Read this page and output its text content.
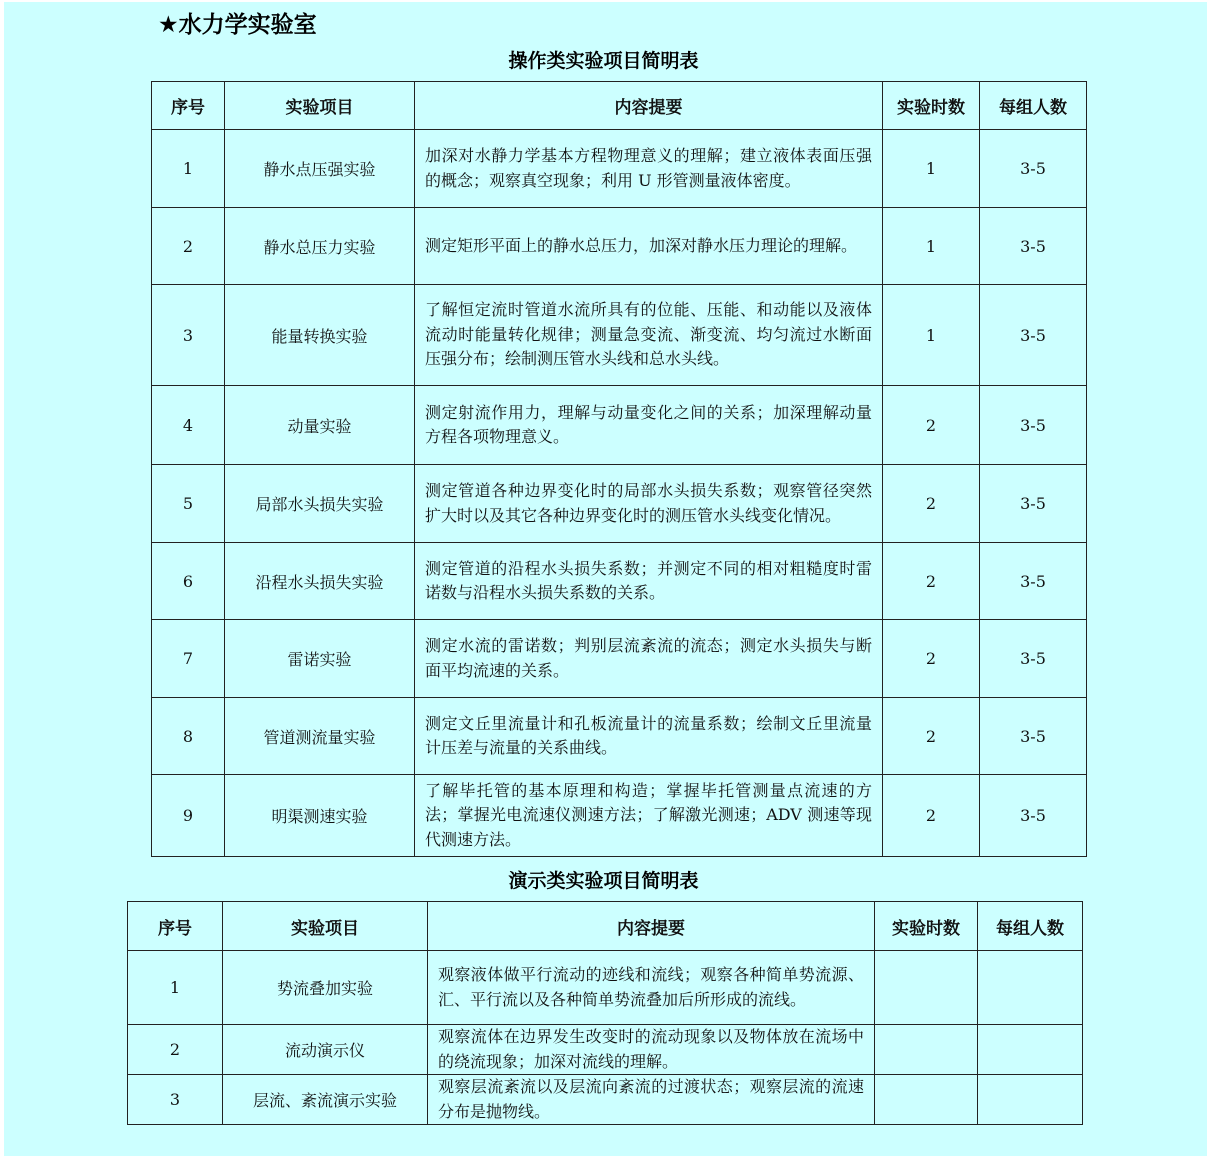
★水力学实验室
操作类实验项目简明表
序号	实验项目	内容提要	实验时数	每组人数
1	静水点压强实验	加深对水静力学基本方程物理意义的理解；建立液体表面压强的概念；观察真空现象；利用 U 形管测量液体密度。	1	3-5
2	静水总压力实验	测定矩形平面上的静水总压力，加深对静水压力理论的理解。	1	3-5
3	能量转换实验	了解恒定流时管道水流所具有的位能、压能、和动能以及液体流动时能量转化规律；测量急变流、渐变流、均匀流过水断面压强分布；绘制测压管水头线和总水头线。	1	3-5
4	动量实验	测定射流作用力，理解与动量变化之间的关系；加深理解动量方程各项物理意义。	2	3-5
5	局部水头损失实验	测定管道各种边界变化时的局部水头损失系数；观察管径突然扩大时以及其它各种边界变化时的测压管水头线变化情况。	2	3-5
6	沿程水头损失实验	测定管道的沿程水头损失系数；并测定不同的相对粗糙度时雷诺数与沿程水头损失系数的关系。	2	3-5
7	雷诺实验	测定水流的雷诺数；判别层流紊流的流态；测定水头损失与断面平均流速的关系。	2	3-5
8	管道测流量实验	测定文丘里流量计和孔板流量计的流量系数；绘制文丘里流量计压差与流量的关系曲线。	2	3-5
9	明渠测速实验	了解毕托管的基本原理和构造；掌握毕托管测量点流速的方法；掌握光电流速仪测速方法；了解激光测速；ADV 测速等现代测速方法。	2	3-5
演示类实验项目简明表
序号	实验项目	内容提要	实验时数	每组人数
1	势流叠加实验	观察液体做平行流动的迹线和流线；观察各种简单势流源、汇、平行流以及各种简单势流叠加后所形成的流线。		
2	流动演示仪	观察流体在边界发生改变时的流动现象以及物体放在流场中的绕流现象；加深对流线的理解。		
3	层流、紊流演示实验	观察层流紊流以及层流向紊流的过渡状态；观察层流的流速分布是抛物线。		
